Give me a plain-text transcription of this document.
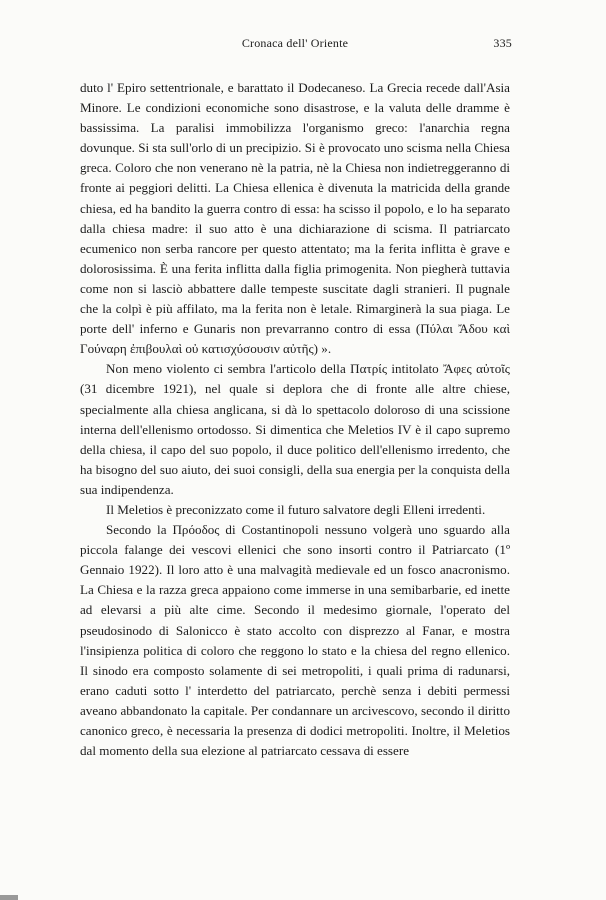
Cronaca dell' Oriente	335

duto l' Epiro settentrionale, e barattato il Dodecaneso. La Grecia recede dall'Asia Minore. Le condizioni economiche sono disastrose, e la valuta delle dramme è bassissima. La paralisi immobilizza l'organismo greco: l'anarchia regna dovunque. Si sta sull'orlo di un precipizio. Si è provocato uno scisma nella Chiesa greca. Coloro che non venerano nè la patria, nè la Chiesa non indietreggeranno di fronte ai peggiori delitti. La Chiesa ellenica è divenuta la matricida della grande chiesa, ed ha bandito la guerra contro di essa: ha scisso il popolo, e lo ha separato dalla chiesa madre: il suo atto è una dichiarazione di scisma. Il patriarcato ecumenico non serba rancore per questo attentato; ma la ferita inflitta è grave e dolorosissima. È una ferita inflitta dalla figlia primogenita. Non piegherà tuttavia come non si lasciò abbattere dalle tempeste suscitate dagli stranieri. Il pugnale che la colpì è più affilato, ma la ferita non è letale. Rimarginerà la sua piaga. Le porte dell' inferno e Gunaris non prevarranno contro di essa (Πύλαι Ἄδου καὶ Γούναρη ἐπιβουλαὶ οὐ κατισχύσουσιν αὐτῆς) ».

Non meno violento ci sembra l'articolo della Πατρίς intitolato Ἄφες αὐτοῖς (31 dicembre 1921), nel quale si deplora che di fronte alle altre chiese, specialmente alla chiesa anglicana, si dà lo spettacolo doloroso di una scissione interna dell'ellenismo ortodosso. Si dimentica che Meletios IV è il capo supremo della chiesa, il capo del suo popolo, il duce politico dell'ellenismo irredento, che ha bisogno del suo aiuto, dei suoi consigli, della sua energia per la conquista della sua indipendenza.

Il Meletios è preconizzato come il futuro salvatore degli Elleni irredenti.

Secondo la Πρόοδος di Costantinopoli nessuno volgerà uno sguardo alla piccola falange dei vescovi ellenici che sono insorti contro il Patriarcato (1º Gennaio 1922). Il loro atto è una malvagità medievale ed un fosco anacronismo. La Chiesa e la razza greca appaiono come immerse in una semibarbarie, ed inette ad elevarsi a più alte cime. Secondo il medesimo giornale, l'operato del pseudosinodo di Salonicco è stato accolto con disprezzo al Fanar, e mostra l'insipienza politica di coloro che reggono lo stato e la chiesa del regno ellenico. Il sinodo era composto solamente di sei metropoliti, i quali prima di radunarsi, erano caduti sotto l' interdetto del patriarcato, perchè senza i debiti permessi aveano abbandonato la capitale. Per condannare un arcivescovo, secondo il diritto canonico greco, è necessaria la presenza di dodici metropoliti. Inoltre, il Meletios dal momento della sua elezione al patriarcato cessava di essere
